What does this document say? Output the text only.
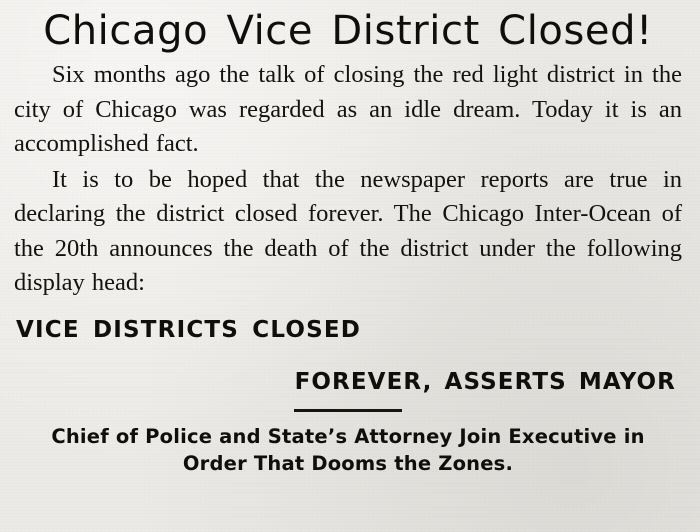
Chicago Vice District Closed!

Six months ago the talk of closing the red light district in the city of Chicago was regarded as an idle dream. Today it is an accomplished fact.

It is to be hoped that the newspaper reports are true in declaring the district closed forever. The Chicago Inter-Ocean of the 20th announces the death of the district under the following display head:

VICE DISTRICTS CLOSED
FOREVER, ASSERTS MAYOR
Chief of Police and State’s Attorney Join Executive in
Order That Dooms the Zones.
